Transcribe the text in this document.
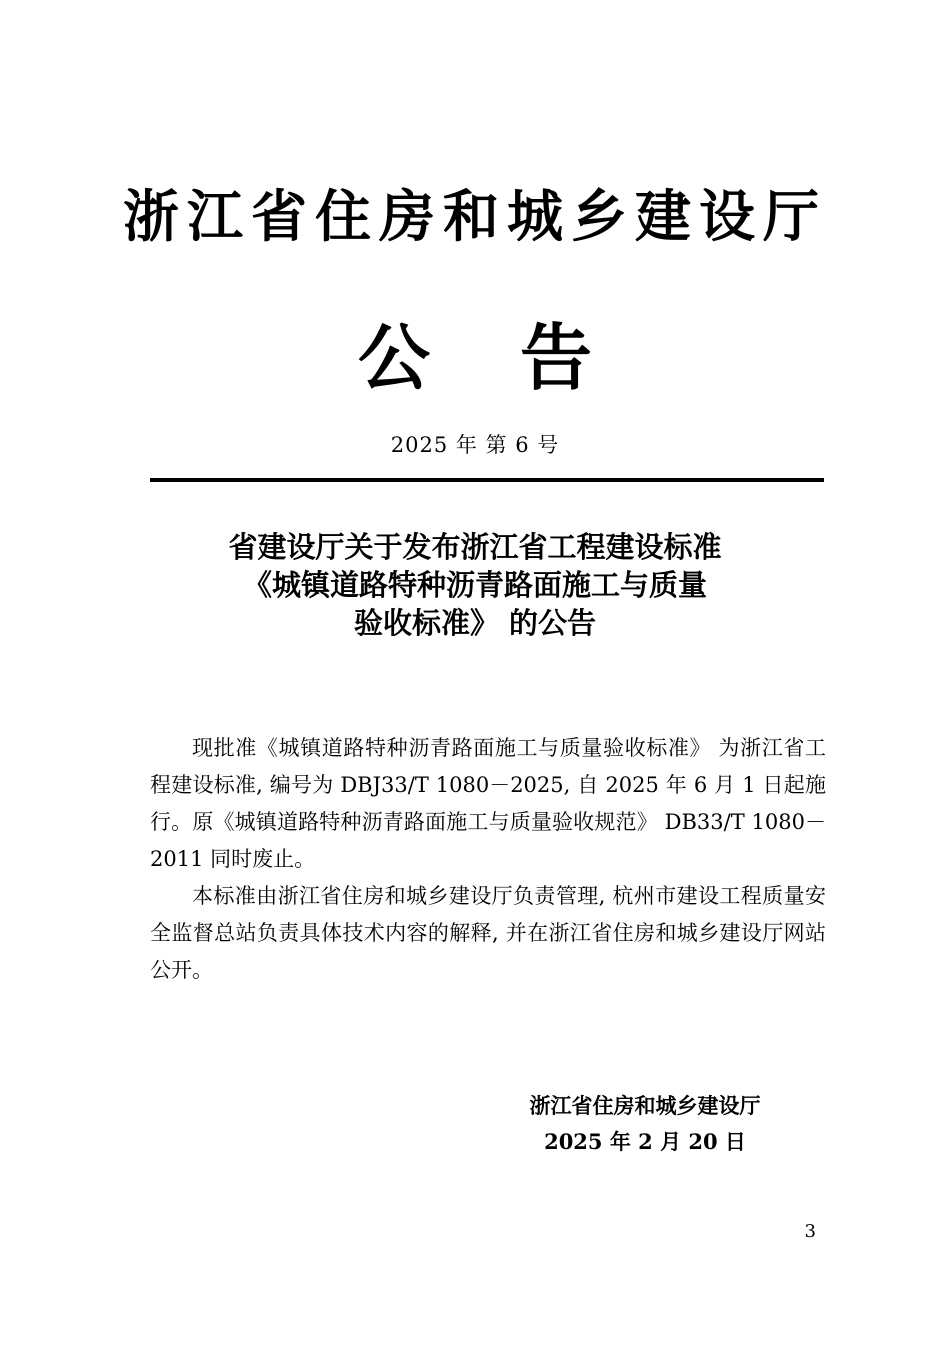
浙江省住房和城乡建设厅
公告
2025 年 第 6 号
省建设厅关于发布浙江省工程建设标准
《城镇道路特种沥青路面施工与质量
验收标准》 的公告

现批准《城镇道路特种沥青路面施工与质量验收标准》 为浙江省工程建设标准, 编号为 DBJ33/T 1080－2025, 自 2025 年 6 月 1 日起施行。原《城镇道路特种沥青路面施工与质量验收规范》 DB33/T 1080－2011 同时废止。

本标准由浙江省住房和城乡建设厅负责管理, 杭州市建设工程质量安全监督总站负责具体技术内容的解释, 并在浙江省住房和城乡建设厅网站公开。

浙江省住房和城乡建设厅
2025 年 2 月 20 日
3
